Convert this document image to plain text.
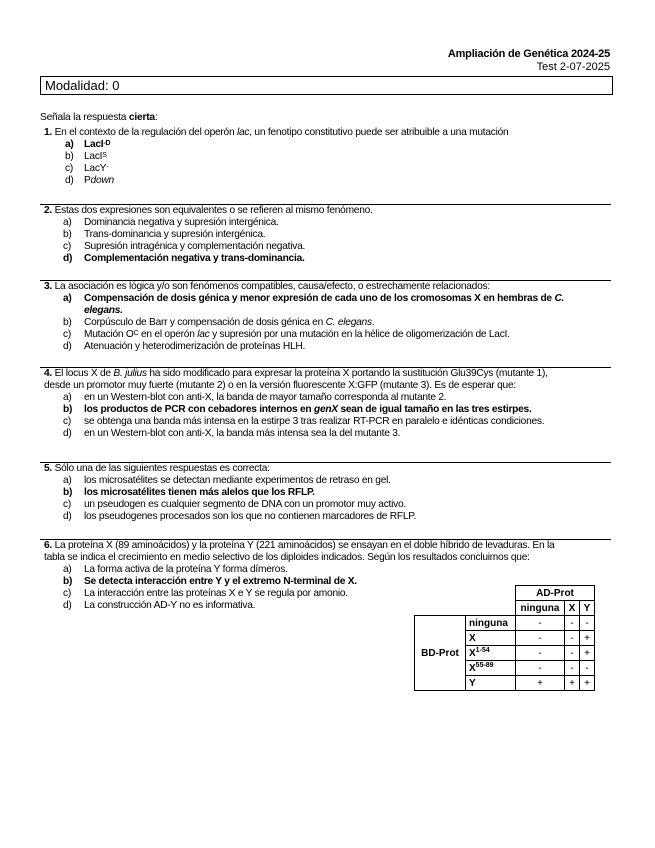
Ampliación de Genética 2024-25
Test 2-07-2025
Modalidad: 0
Señala la respuesta cierta:
1. En el contexto de la regulación del operón lac, un fenotipo constitutivo puede ser atribuible a una mutación
a) LacI$^{-D}$
b) LacI$^S$
c) LacY-
d) Pdown
2. Estas dos expresiones son equivalentes o se refieren al mismo fenómeno.
a) Dominancia negativa y supresión intergénica.
b) Trans-dominancia y supresión intergénica.
c) Supresión intragénica y complementación negativa.
d) Complementación negativa y trans-dominancia.
3. La asociación es lógica y/o son fenómenos compatibles, causa/efecto, o estrechamente relacionados:
a) Compensación de dosis génica y menor expresión de cada uno de los cromosomas X en hembras de C.
elegans.
b) Corpúsculo de Barr y compensación de dosis génica en C. elegans.
c) Mutación $O^C$ en el operón lac y supresión por una mutación en la hélice de oligomerización de LacI.
d) Atenuación y heterodimerización de proteínas HLH.
4. El locus X de B. julius ha sido modificado para expresar la proteína X portando la sustitución Glu39Cys (mutante 1),
desde un promotor muy fuerte (mutante 2) o en la versión fluorescente X:GFP (mutante 3). Es de esperar que:
a) en un Western-blot con anti-X, la banda de mayor tamaño corresponda al mutante 2.
b) los productos de PCR con cebadores internos en genX sean de igual tamaño en las tres estirpes.
c) se obtenga una banda más intensa en la estirpe 3 tras realizar RT-PCR en paralelo e idénticas condiciones.
d) en un Western-blot con anti-X, la banda más intensa sea la del mutante 3.
5. Sólo una de las siguientes respuestas es correcta:
a) los microsatélites se detectan mediante experimentos de retraso en gel.
b) los microsatélites tienen más alelos que los RFLP.
c) un pseudogen es cualquier segmento de DNA con un promotor muy activo.
d) los pseudogenes procesados son los que no contienen marcadores de RFLP.
6. La proteína X (89 aminoácidos) y la proteína Y (221 aminoácidos) se ensayan en el doble híbrido de levaduras. En la
tabla se indica el crecimiento en medio selectivo de los diploides indicados. Según los resultados concluimos que:
a) La forma activa de la proteína Y forma dímeros.
b) Se detecta interacción entre Y y el extremo N-terminal de X.
c) La interacción entre las proteínas X e Y se regula por amonio.
d) La construcción AD-Y no es informativa.
		AD-Prot		
		ninguna	X	Y
BD-Prot	ninguna	-	-	-
	X	-	-	+
	$X^{1-54}$	-	-	+
	$X^{55-89}$	-	-	-
	Y	+	+	+
